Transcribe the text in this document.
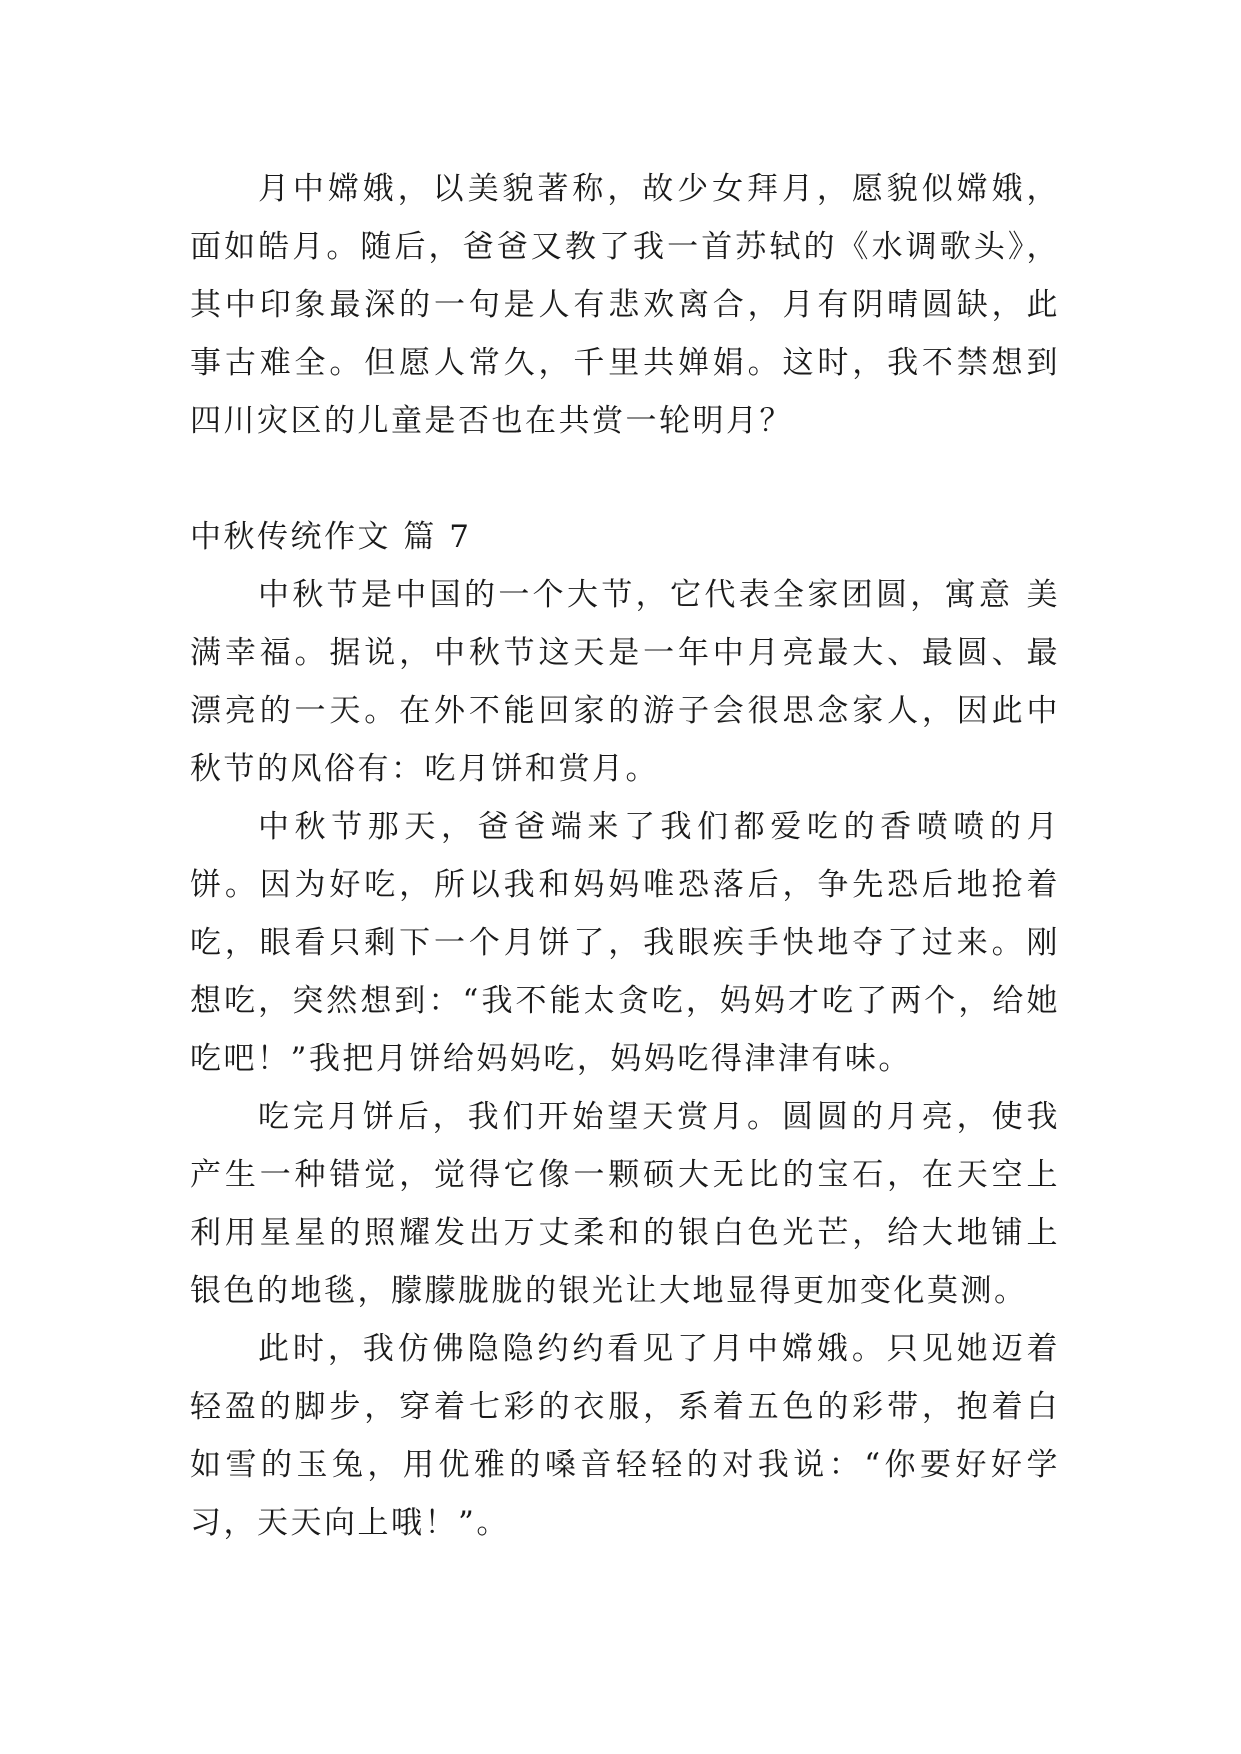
月中嫦娥，以美貌著称，故少女拜月，愿貌似嫦娥，面如皓月。随后，爸爸又教了我一首苏轼的《水调歌头》，其中印象最深的一句是人有悲欢离合，月有阴晴圆缺，此事古难全。但愿人常久，千里共婵娟。这时，我不禁想到四川灾区的儿童是否也在共赏一轮明月？

中秋传统作文 篇 7

中秋节是中国的一个大节，它代表全家团圆，寓意 美满幸福。据说，中秋节这天是一年中月亮最大、最圆、最漂亮的一天。在外不能回家的游子会很思念家人，因此中秋节的风俗有：吃月饼和赏月。

中秋节那天，爸爸端来了我们都爱吃的香喷喷的月饼。因为好吃，所以我和妈妈唯恐落后，争先恐后地抢着吃，眼看只剩下一个月饼了，我眼疾手快地夺了过来。刚想吃，突然想到：“我不能太贪吃，妈妈才吃了两个，给她吃吧！”我把月饼给妈妈吃，妈妈吃得津津有味。

吃完月饼后，我们开始望天赏月。圆圆的月亮，使我产生一种错觉，觉得它像一颗硕大无比的宝石，在天空上利用星星的照耀发出万丈柔和的银白色光芒，给大地铺上银色的地毯，朦朦胧胧的银光让大地显得更加变化莫测。

此时，我仿佛隐隐约约看见了月中嫦娥。只见她迈着轻盈的脚步，穿着七彩的衣服，系着五色的彩带，抱着白如雪的玉兔，用优雅的嗓音轻轻的对我说：“你要好好学习，天天向上哦！”。
